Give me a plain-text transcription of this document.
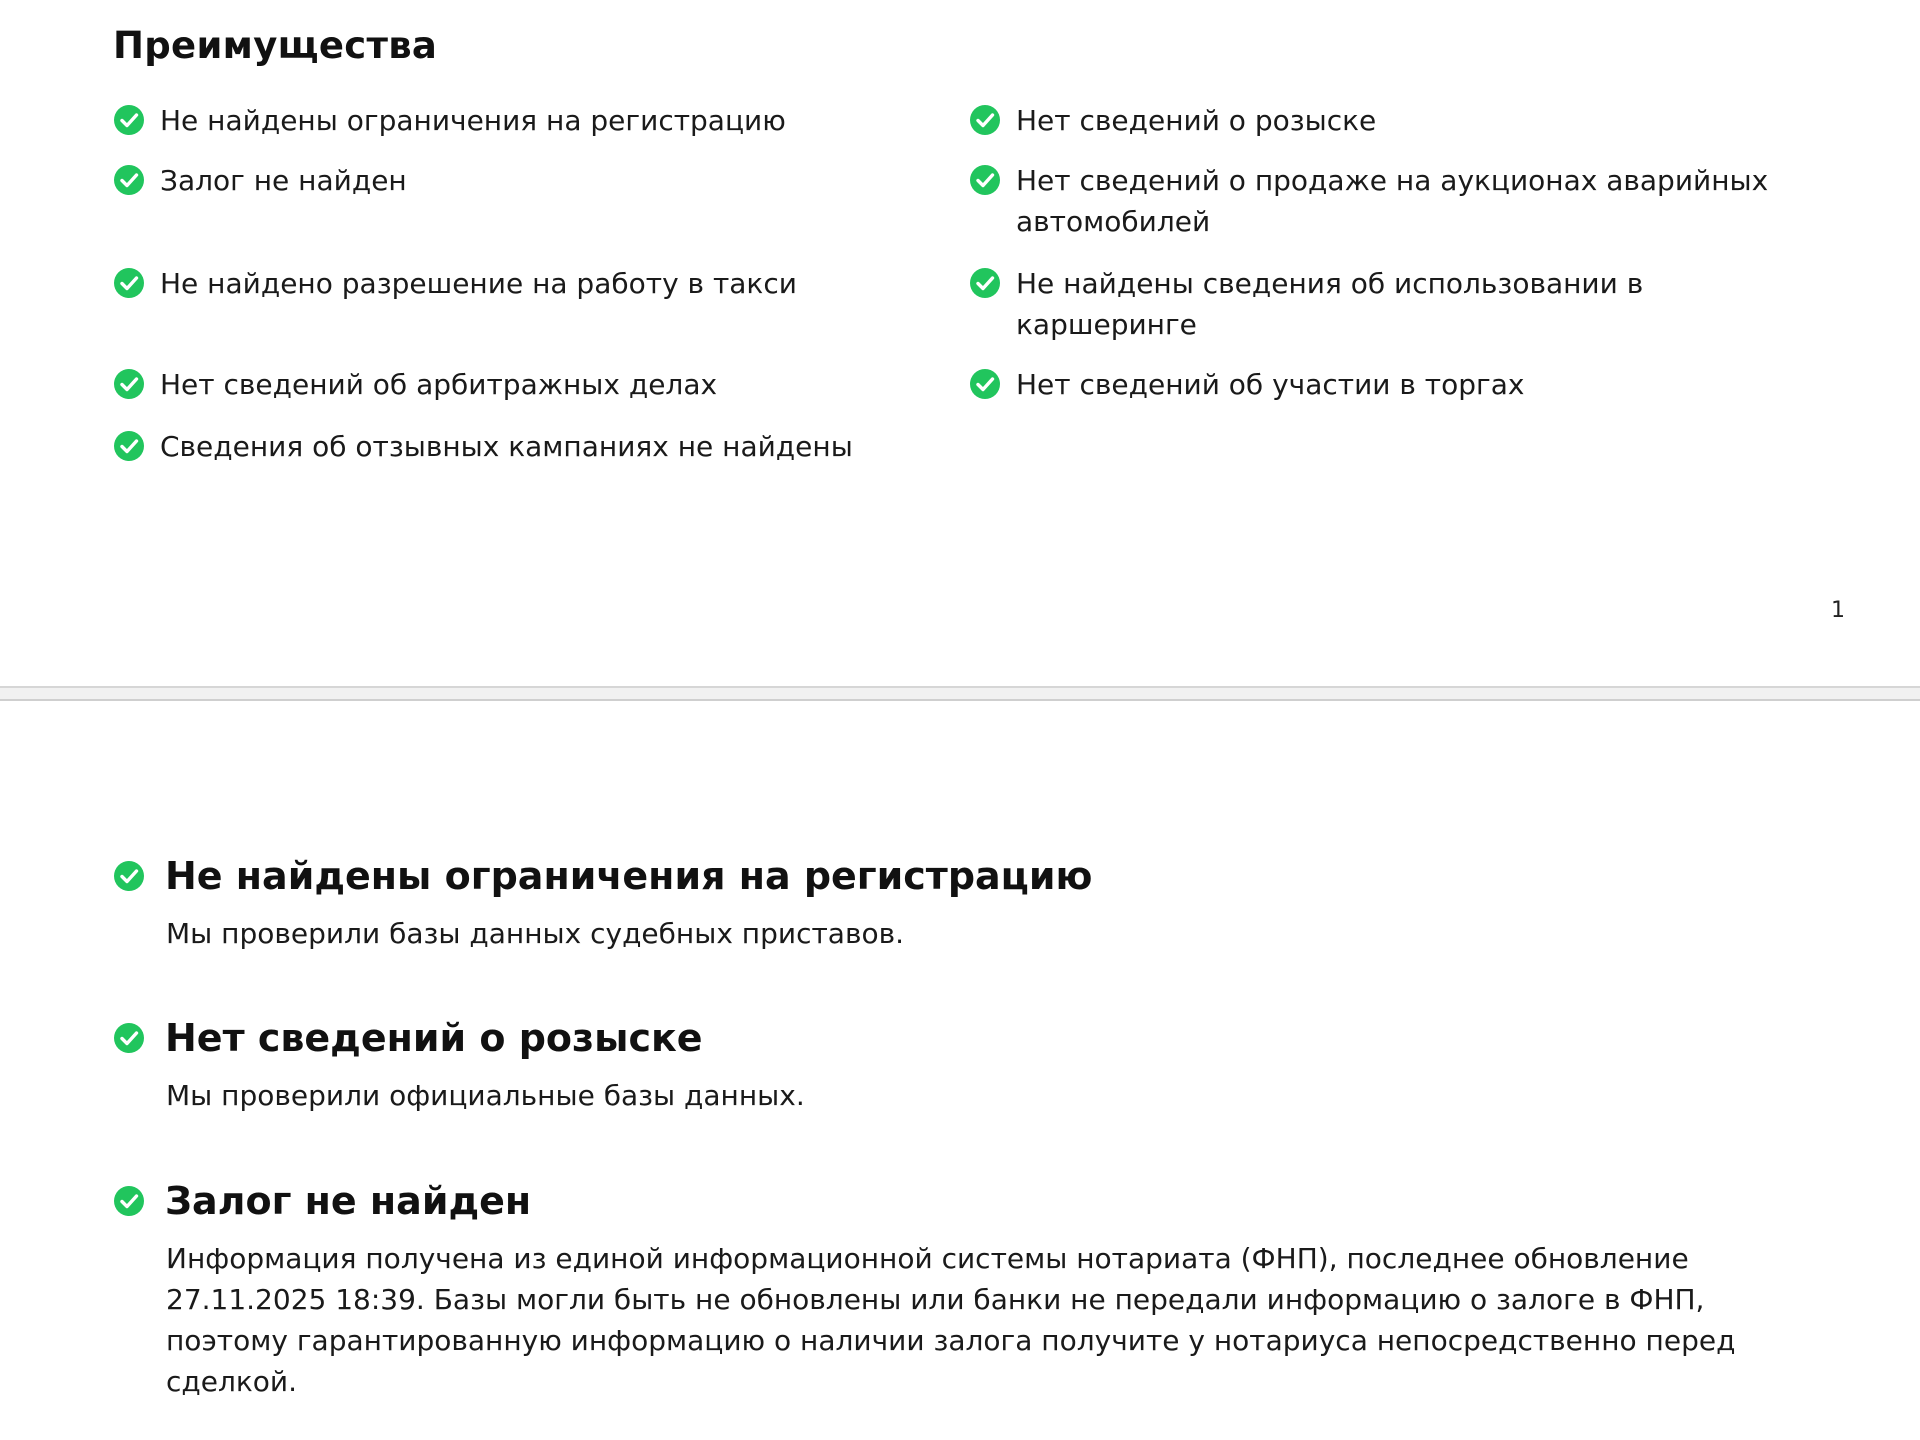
Преимущества
Не найдены ограничения на регистрацию
Залог не найден
Не найдено разрешение на работу в такси
Нет сведений об арбитражных делах
Сведения об отзывных кампаниях не найдены
Нет сведений о розыске
Нет сведений о продаже на аукционах аварийных автомобилей
Не найдены сведения об использовании в каршеринге
Нет сведений об участии в торгах
1
Не найдены ограничения на регистрацию

Мы проверили базы данных судебных приставов.

Нет сведений о розыске

Мы проверили официальные базы данных.

Залог не найден

Информация получена из единой информационной системы нотариата (ФНП), последнее обновление 27.11.2025 18:39. Базы могли быть не обновлены или банки не передали информацию о залоге в ФНП, поэтому гарантированную информацию о наличии залога получите у нотариуса непосредственно перед сделкой.
